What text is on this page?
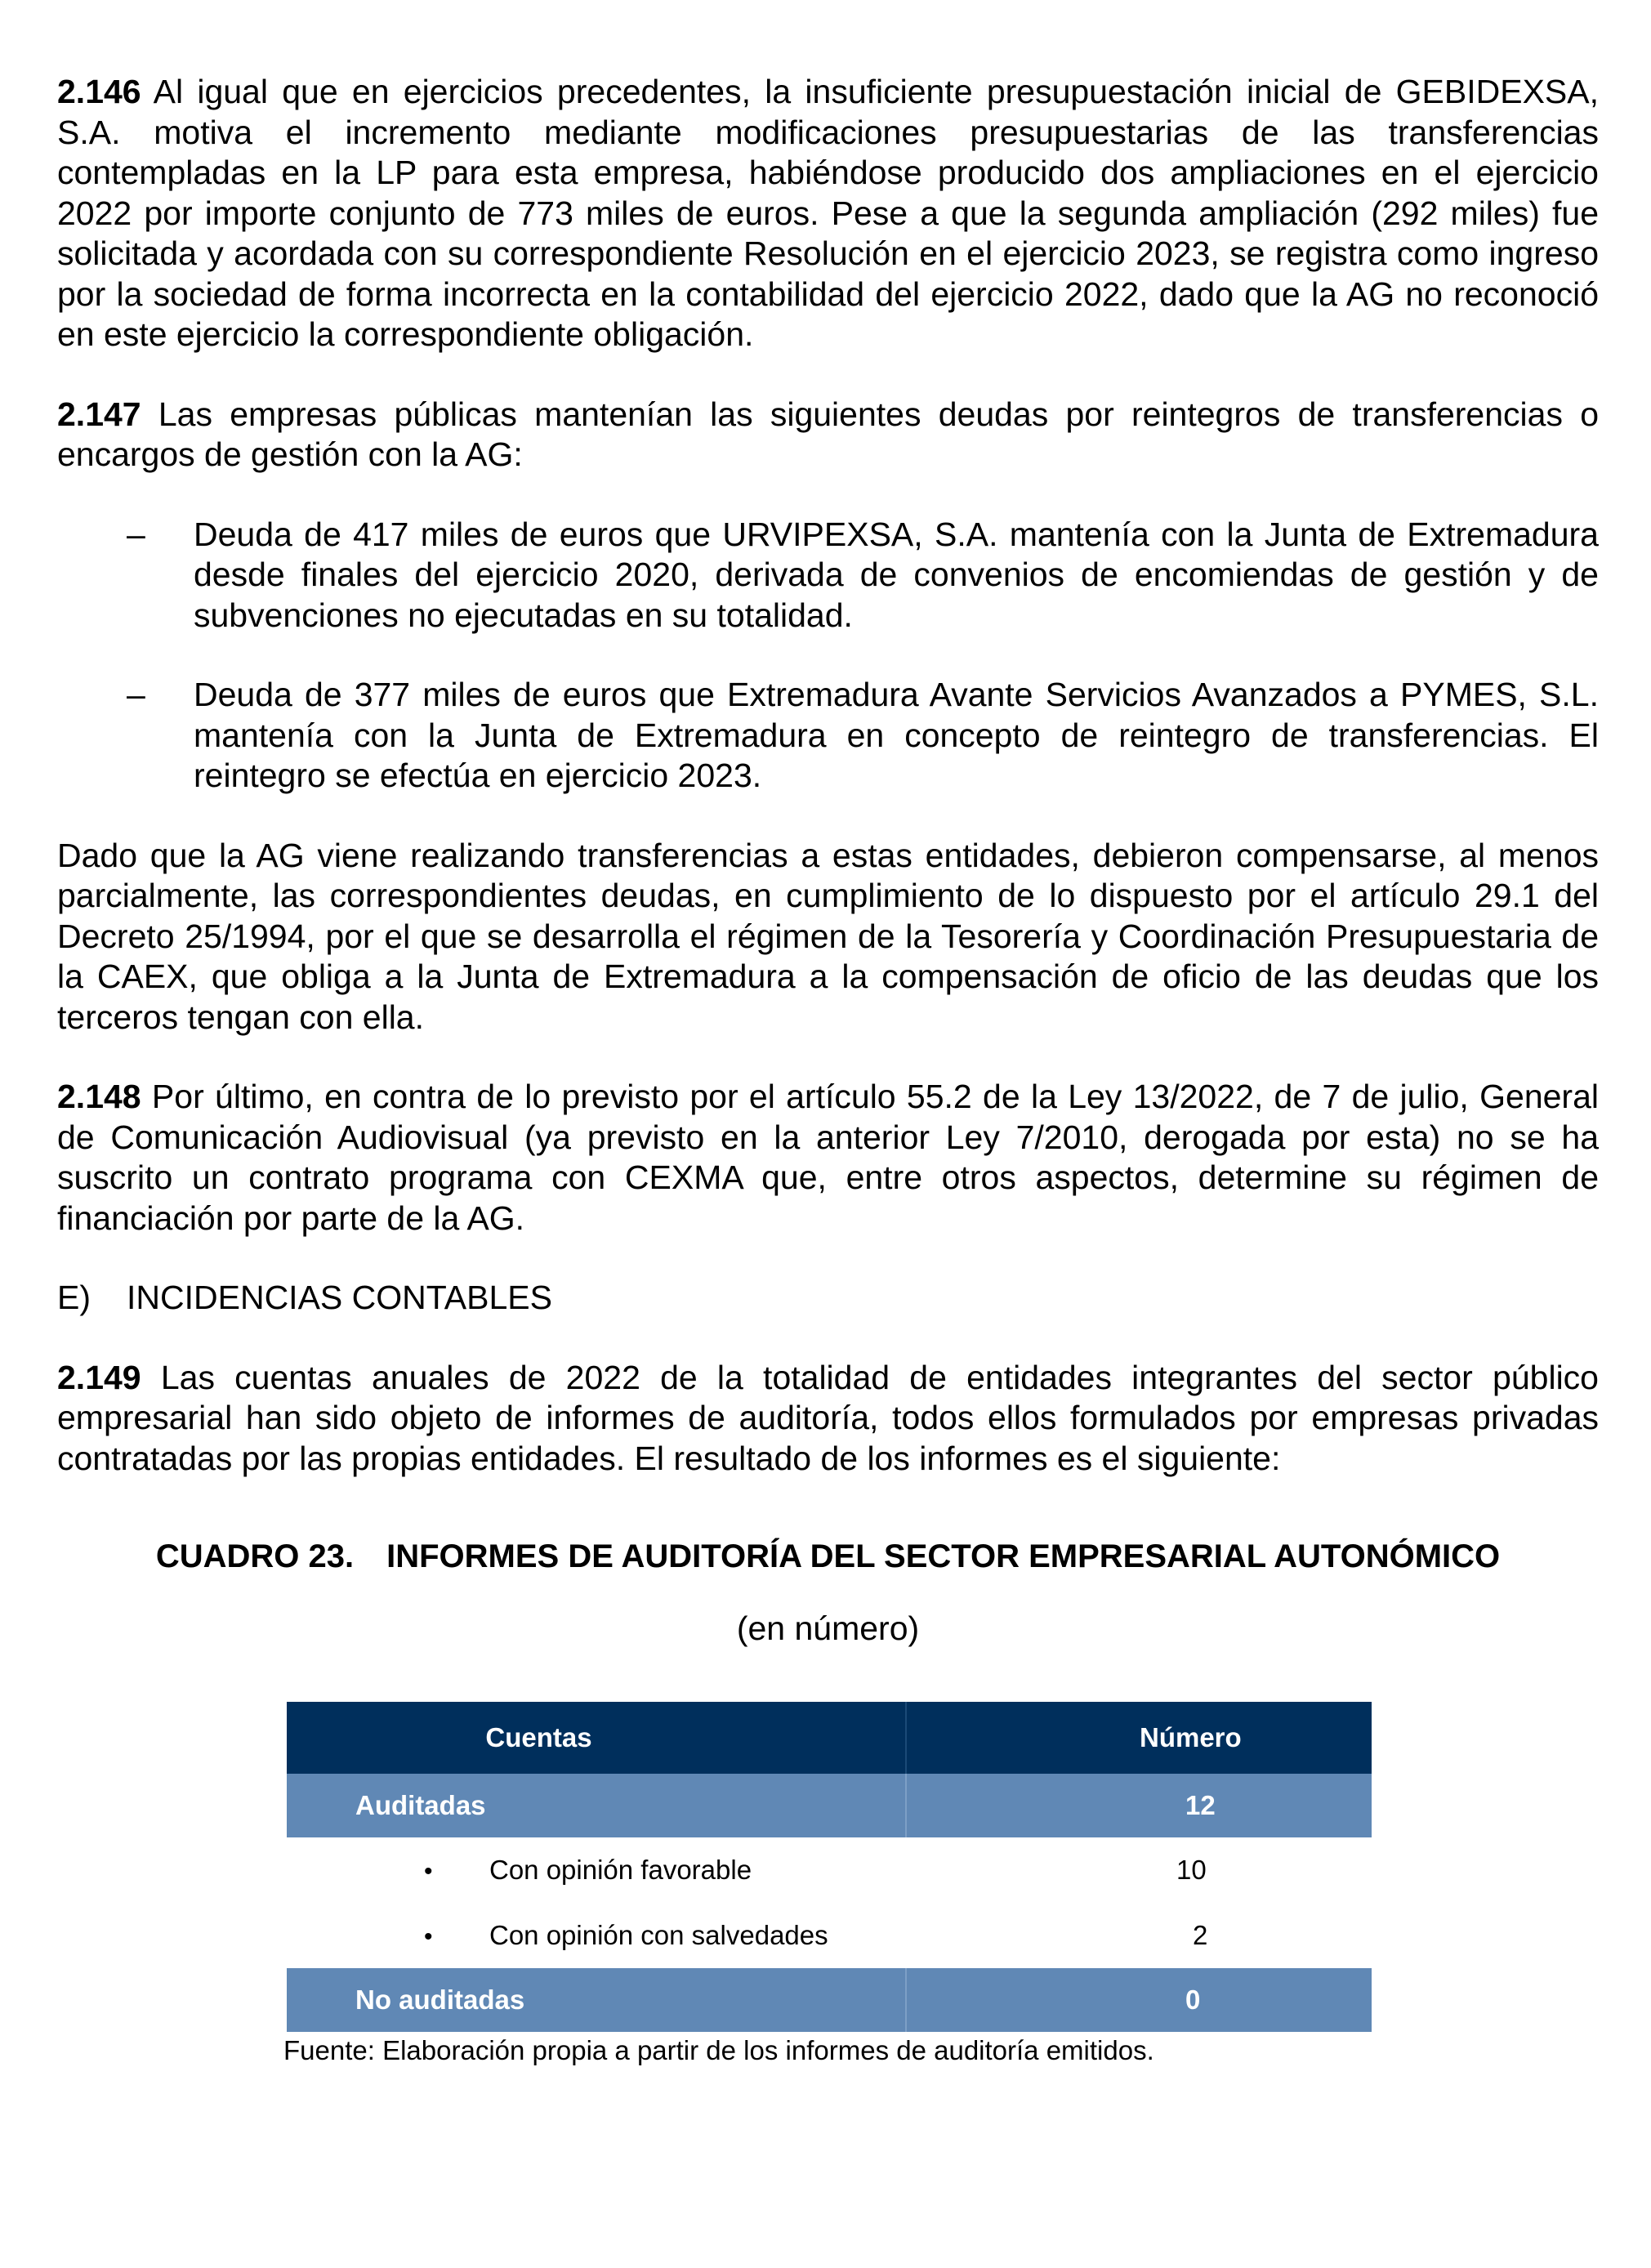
2.146 Al igual que en ejercicios precedentes, la insuficiente presupuestación inicial de GEBIDEXSA, S.A. motiva el incremento mediante modificaciones presupuestarias de las transferencias contempladas en la LP para esta empresa, habiéndose producido dos ampliaciones en el ejercicio 2022 por importe conjunto de 773 miles de euros. Pese a que la segunda ampliación (292 miles) fue solicitada y acordada con su correspondiente Resolución en el ejercicio 2023, se registra como ingreso por la sociedad de forma incorrecta en la contabilidad del ejercicio 2022, dado que la AG no reconoció en este ejercicio la correspondiente obligación.

2.147 Las empresas públicas mantenían las siguientes deudas por reintegros de transferencias o encargos de gestión con la AG:

– Deuda de 417 miles de euros que URVIPEXSA, S.A. mantenía con la Junta de Extremadura desde finales del ejercicio 2020, derivada de convenios de encomiendas de gestión y de subvenciones no ejecutadas en su totalidad.
– Deuda de 377 miles de euros que Extremadura Avante Servicios Avanzados a PYMES, S.L. mantenía con la Junta de Extremadura en concepto de reintegro de transferencias. El reintegro se efectúa en ejercicio 2023.

Dado que la AG viene realizando transferencias a estas entidades, debieron compensarse, al menos parcialmente, las correspondientes deudas, en cumplimiento de lo dispuesto por el artículo 29.1 del Decreto 25/1994, por el que se desarrolla el régimen de la Tesorería y Coordinación Presupuestaria de la CAEX, que obliga a la Junta de Extremadura a la compensación de oficio de las deudas que los terceros tengan con ella.

2.148 Por último, en contra de lo previsto por el artículo 55.2 de la Ley 13/2022, de 7 de julio, General de Comunicación Audiovisual (ya previsto en la anterior Ley 7/2010, derogada por esta) no se ha suscrito un contrato programa con CEXMA que, entre otros aspectos, determine su régimen de financiación por parte de la AG.

E)	INCIDENCIAS CONTABLES

2.149 Las cuentas anuales de 2022 de la totalidad de entidades integrantes del sector público empresarial han sido objeto de informes de auditoría, todos ellos formulados por empresas privadas contratadas por las propias entidades. El resultado de los informes es el siguiente:

CUADRO 23. INFORMES DE AUDITORÍA DEL SECTOR EMPRESARIAL AUTONÓMICO
(en número)
Cuentas	Número
Auditadas	12
• Con opinión favorable	10
• Con opinión con salvedades	2
No auditadas	0
Fuente: Elaboración propia a partir de los informes de auditoría emitidos.
